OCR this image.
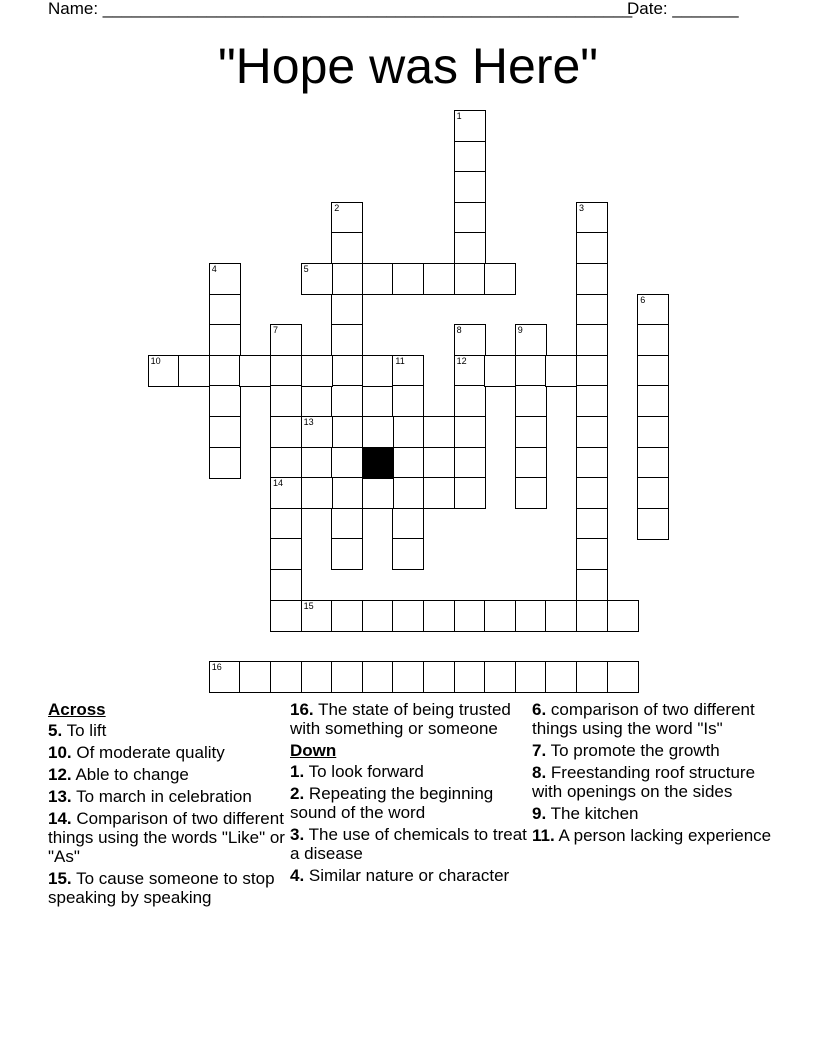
Name: ________________________________________________________
Date: _______
"Hope was Here"
1
2	3
4	5
6
7
14
8
12
9
10	11
13
15
16
Across
5. To lift
10. Of moderate quality
12. Able to change
13. To march in celebration
14. Comparison of two different things using the words "Like" or "As"
15. To cause someone to stop speaking by speaking
16. The state of being trusted with something or someone
Down
1. To look forward
2. Repeating the beginning sound of the word
3. The use of chemicals to treat a disease
4. Similar nature or character
6. comparison of two different things using the word "Is"
7. To promote the growth
8. Freestanding roof structure with openings on the sides
9. The kitchen
11. A person lacking experience
